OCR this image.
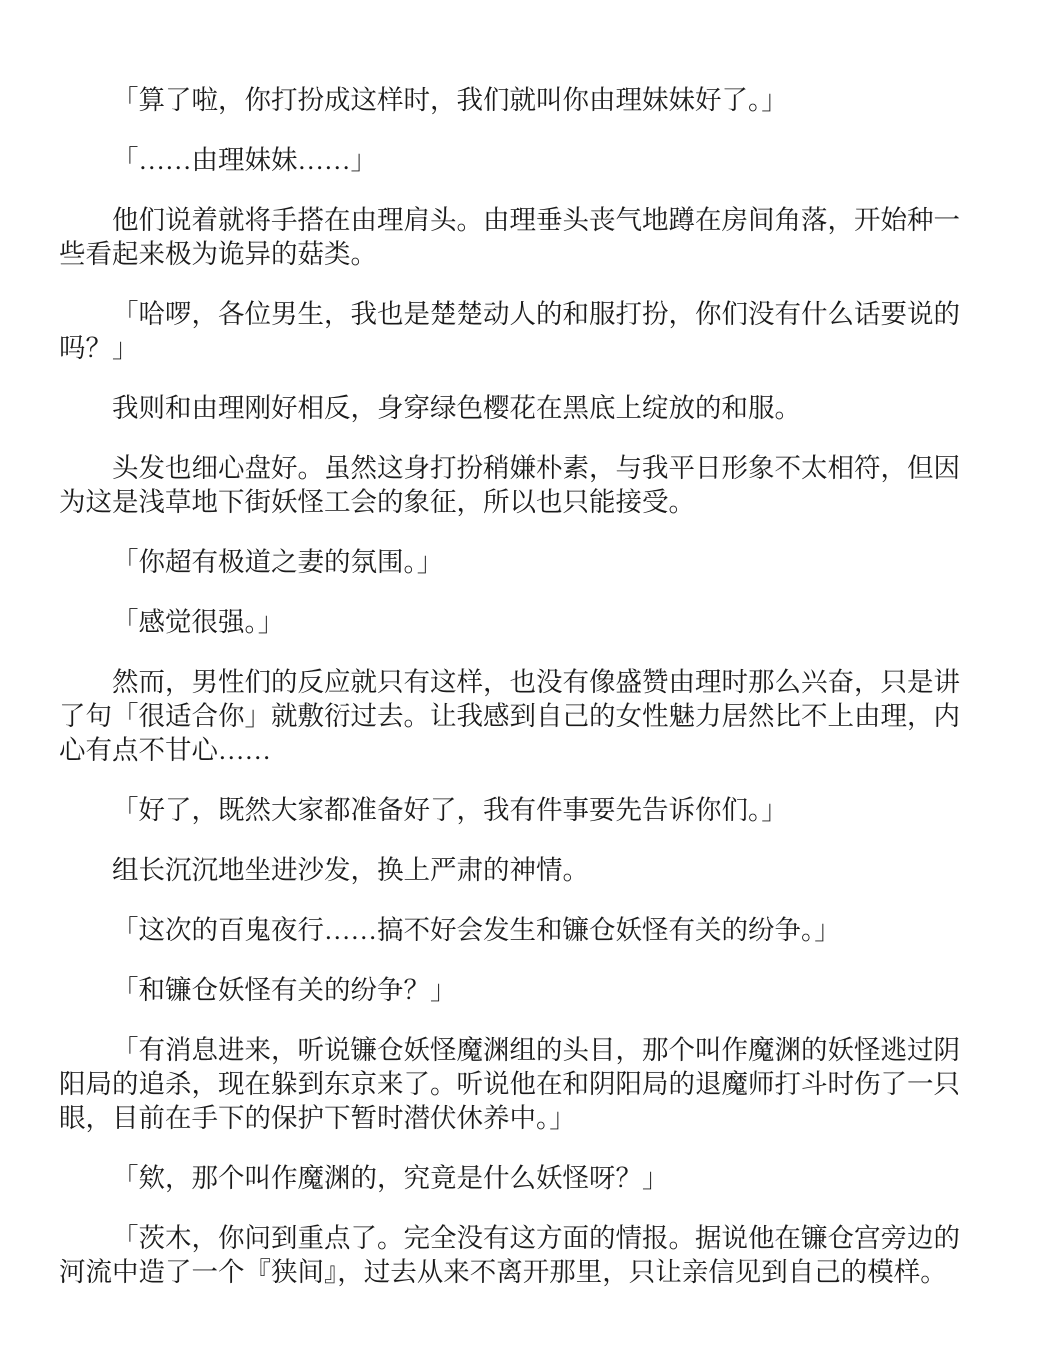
「算了啦，你打扮成这样时，我们就叫你由理妹妹好了。」

「……由理妹妹……」

他们说着就将手搭在由理肩头。由理垂头丧气地蹲在房间角落，开始种一些看起来极为诡异的菇类。

「哈啰，各位男生，我也是楚楚动人的和服打扮，你们没有什么话要说的吗？」

我则和由理刚好相反，身穿绿色樱花在黑底上绽放的和服。

头发也细心盘好。虽然这身打扮稍嫌朴素，与我平日形象不太相符，但因为这是浅草地下街妖怪工会的象征，所以也只能接受。

「你超有极道之妻的氛围。」

「感觉很强。」

然而，男性们的反应就只有这样，也没有像盛赞由理时那么兴奋，只是讲了句「很适合你」就敷衍过去。让我感到自己的女性魅力居然比不上由理，内心有点不甘心……

「好了，既然大家都准备好了，我有件事要先告诉你们。」

组长沉沉地坐进沙发，换上严肃的神情。

「这次的百鬼夜行……搞不好会发生和镰仓妖怪有关的纷争。」

「和镰仓妖怪有关的纷争？」

「有消息进来，听说镰仓妖怪魔渊组的头目，那个叫作魔渊的妖怪逃过阴阳局的追杀，现在躲到东京来了。听说他在和阴阳局的退魔师打斗时伤了一只眼，目前在手下的保护下暂时潜伏休养中。」

「欸，那个叫作魔渊的，究竟是什么妖怪呀？」

「茨木，你问到重点了。完全没有这方面的情报。据说他在镰仓宫旁边的河流中造了一个『狭间』，过去从来不离开那里，只让亲信见到自己的模样。
